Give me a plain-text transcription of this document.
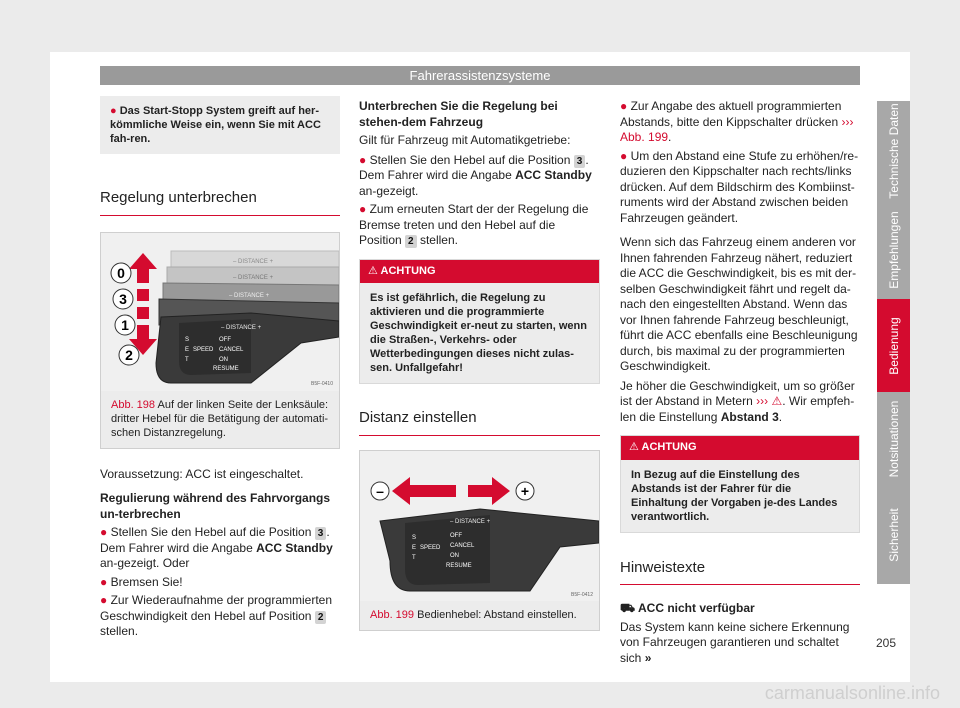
Fahrerassistenzsysteme
● Das Start-Stopp System greift auf her-kömmliche Weise ein, wenn Sie mit ACC fah-ren.
Regelung unterbrechen
0
3
1
2
– DISTANCE +
– DISTANCE +
– DISTANCE +
– DISTANCE +
S
E
T
SPEED
OFF
CANCEL
ON
RESUME
B5F-0410
Abb. 198 Auf der linken Seite der Lenksäule: dritter Hebel für die Betätigung der automati-schen Distanzregelung.
Voraussetzung: ACC ist eingeschaltet.
Regulierung während des Fahrvorgangs un-terbrechen
● Stellen Sie den Hebel auf die Position 3 . Dem Fahrer wird die Angabe ACC Standby an-gezeigt. Oder
● Bremsen Sie!
● Zur Wiederaufnahme der programmierten Geschwindigkeit den Hebel auf Position 2 stellen.
Unterbrechen Sie die Regelung bei stehen-dem Fahrzeug
Gilt für Fahrzeug mit Automatikgetriebe:
● Stellen Sie den Hebel auf die Position 3 . Dem Fahrer wird die Angabe ACC Standby an-gezeigt.
● Zum erneuten Start der der Regelung die Bremse treten und den Hebel auf die Position 2 stellen.
⚠ ACHTUNG
Es ist gefährlich, die Regelung zu aktivieren und die programmierte Geschwindigkeit er-neut zu starten, wenn die Straßen-, Verkehrs- oder Wetterbedingungen dieses nicht zulas-sen. Unfallgefahr!
Distanz einstellen
–	+
– DISTANCE +
S
E
T
SPEED
OFF
CANCEL
ON
RESUME
B5F-0412
Abb. 199 Bedienhebel: Abstand einstellen.
● Zur Angabe des aktuell programmierten Abstands, bitte den Kippschalter drücken ››› Abb. 199.
● Um den Abstand eine Stufe zu erhöhen/re-duzieren den Kippschalter nach rechts/links drücken. Auf dem Bildschirm des Kombiinst-ruments wird der Abstand zwischen beiden Fahrzeugen geändert.
Wenn sich das Fahrzeug einem anderen vor Ihnen fahrenden Fahrzeug nähert, reduziert die ACC die Geschwindigkeit, bis es mit der-selben Geschwindigkeit fährt und regelt da-nach den eingestellten Abstand. Wenn das vor Ihnen fahrende Fahrzeug beschleunigt, führt die ACC ebenfalls eine Beschleunigung durch, bis maximal zu der programmierten Geschwindigkeit.
Je höher die Geschwindigkeit, um so größer ist der Abstand in Metern ››› ⚠. Wir empfeh-len die Einstellung Abstand 3.
⚠ ACHTUNG
In Bezug auf die Einstellung des Abstands ist der Fahrer für die Einhaltung der Vorgaben je-des Landes verantwortlich.
Hinweistexte
⛟ ACC nicht verfügbar
Das System kann keine sichere Erkennung von Fahrzeugen garantieren und schaltet sich »
Technische Daten
Empfehlungen
Bedienung
Notsituationen
Sicherheit
205
carmanualsonline.info
